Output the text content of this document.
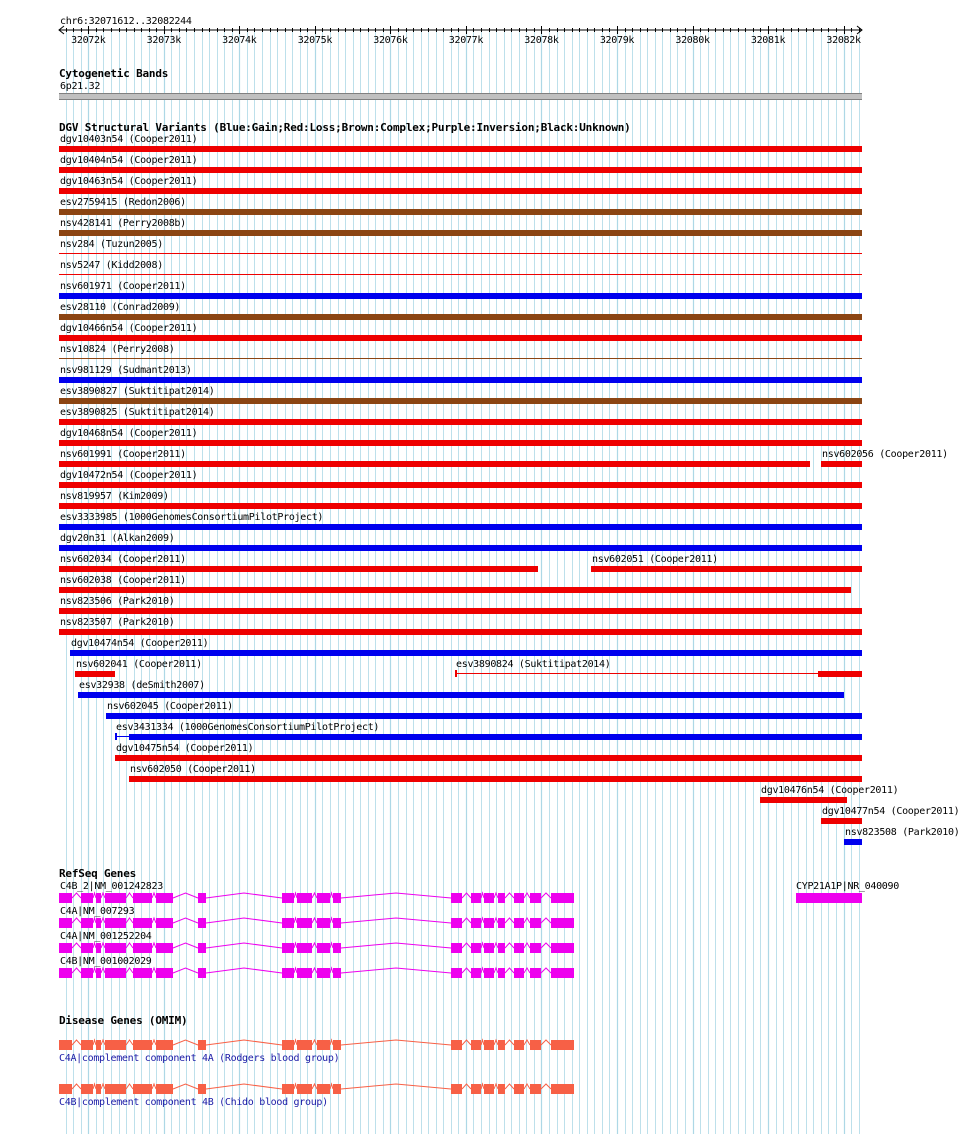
chr6:32071612..32082244
32072k	32073k	32074k	32075k	32076k	32077k	32078k	32079k	32080k	32081k	32082k
Cytogenetic Bands
6p21.32
DGV Structural Variants (Blue:Gain;Red:Loss;Brown:Complex;Purple:Inversion;Black:Unknown)
dgv10403n54 (Cooper2011)
dgv10404n54 (Cooper2011)
dgv10463n54 (Cooper2011)
esv2759415 (Redon2006)
nsv428141 (Perry2008b)
nsv284 (Tuzun2005)
nsv5247 (Kidd2008)
nsv601971 (Cooper2011)
esv28110 (Conrad2009)
dgv10466n54 (Cooper2011)
nsv10824 (Perry2008)
nsv981129 (Sudmant2013)
esv3890827 (Suktitipat2014)
esv3890825 (Suktitipat2014)
dgv10468n54 (Cooper2011)
nsv601991 (Cooper2011)	nsv602056 (Cooper2011)
dgv10472n54 (Cooper2011)
nsv819957 (Kim2009)
esv3333985 (1000GenomesConsortiumPilotProject)
dgv20n31 (Alkan2009)
nsv602034 (Cooper2011)	nsv602051 (Cooper2011)
nsv602038 (Cooper2011)
nsv823506 (Park2010)
nsv823507 (Park2010)
dgv10474n54 (Cooper2011)
nsv602041 (Cooper2011)	esv3890824 (Suktitipat2014)
esv32938 (deSmith2007)
nsv602045 (Cooper2011)
esv3431334 (1000GenomesConsortiumPilotProject)
dgv10475n54 (Cooper2011)
nsv602050 (Cooper2011)
dgv10476n54 (Cooper2011)
dgv10477n54 (Cooper2011)
nsv823508 (Park2010)
RefSeq Genes
C4B_2|NM_001242823
C4A|NM_007293
C4A|NM_001252204
C4B|NM_001002029
CYP21A1P|NR_040090
Disease Genes (OMIM)
C4A|complement component 4A (Rodgers blood group)
C4B|complement component 4B (Chido blood group)
